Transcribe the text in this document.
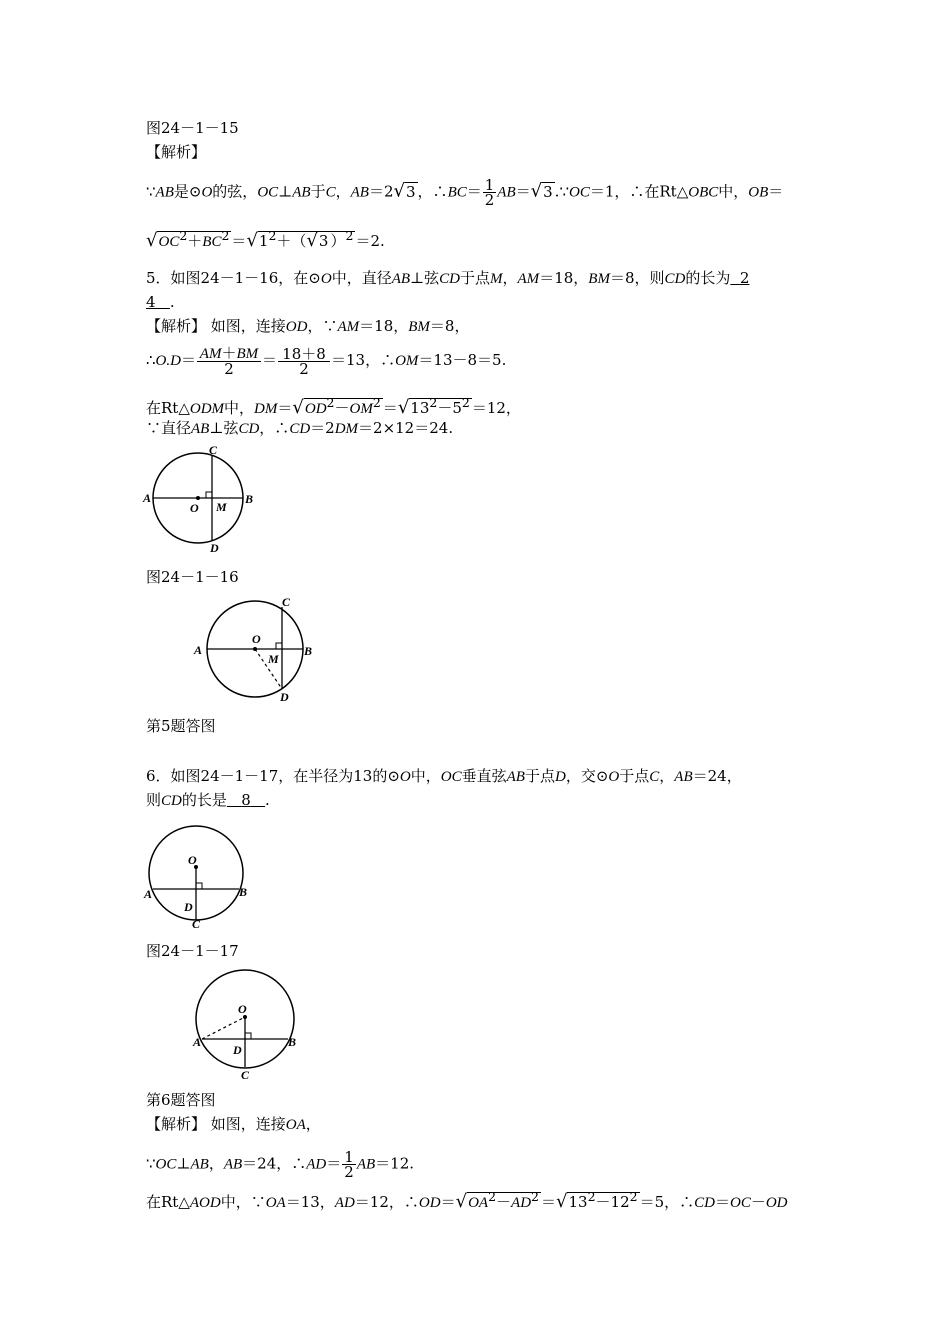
图24－1－15
【解析】
∵AB是⊙O的弦，OC⊥AB于C，AB＝2√3 ，∴BC＝ $\frac{1}{2} AB=√3$ .∵OC＝1，∴在Rt△OBC中，OB＝
$√OC^2+BC^2 =√1^2+(√3$ ）$^2$ ＝2.
5．如图24－1－16，在⊙O中，直径AB⊥弦CD于点M，AM＝18，BM＝8，则CD的长为 2
4 .
【解析】 如图，连接OD，∵AM＝18，BM＝8，
∴O.D＝ $\frac{AM+BM}{2} = \frac{18+8}{2} =13$，∴OM＝13－8＝5.
在Rt△ODM中，$DM=√OD^2-OM^2 =√13^2-5^2 =12$，
∵直径AB⊥弦CD，∴CD＝2DM＝2×12＝24.
A	B
C
D
O M
图24－1－16
A	B
C
D
O
M
第5题答图
6．如图24－1－17，在半径为13的⊙O中，OC垂直弦AB于点D，交⊙O于点C，AB＝24，
则CD的长是 8 .
A	B
C
D
O
图24－1－17
A	B
C
D
O
第6题答图
【解析】 如图，连接OA，
∵OC⊥AB，AB＝24，∴AD＝ $\frac{1}{2} AB=12$.
在Rt△AOD中，∵OA＝13，AD＝12，$\therefore OD=√OA^2-AD^2 =√13^2-12^2 =5$，∴CD＝OC－OD
